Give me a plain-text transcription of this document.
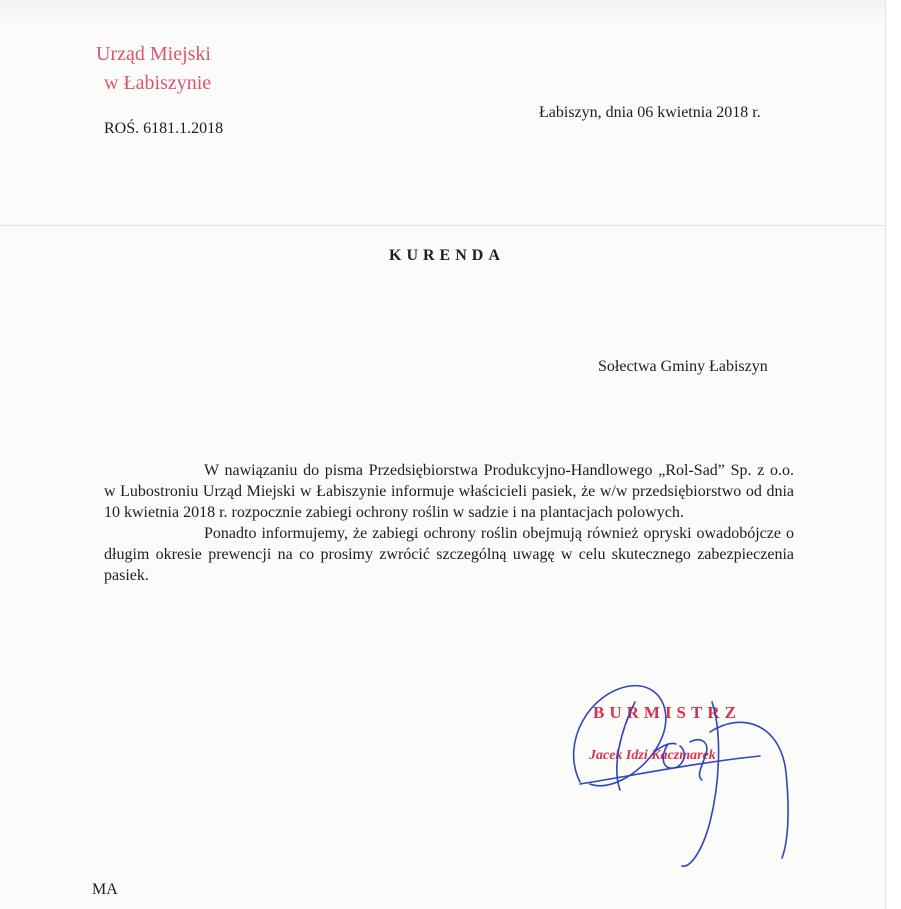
Urząd Miejski
w Łabiszynie
ROŚ. 6181.1.2018
Łabiszyn, dnia 06 kwietnia 2018 r.
KURENDA
Sołectwa Gminy Łabiszyn

W nawiązaniu do pisma Przedsiębiorstwa Produkcyjno-Handlowego „Rol-Sad” Sp. z o.o. w Lubostroniu Urząd Miejski w Łabiszynie informuje właścicieli pasiek, że w/w przedsiębiorstwo od dnia 10 kwietnia 2018 r. rozpocznie zabiegi ochrony roślin w sadzie i na plantacjach polowych.

Ponadto informujemy, że zabiegi ochrony roślin obejmują również opryski owadobójcze o długim okresie prewencji na co prosimy zwrócić szczególną uwagę w celu skutecznego zabezpieczenia pasiek.

BURMISTRZ
Jacek Idzi Kaczmarek
MA
